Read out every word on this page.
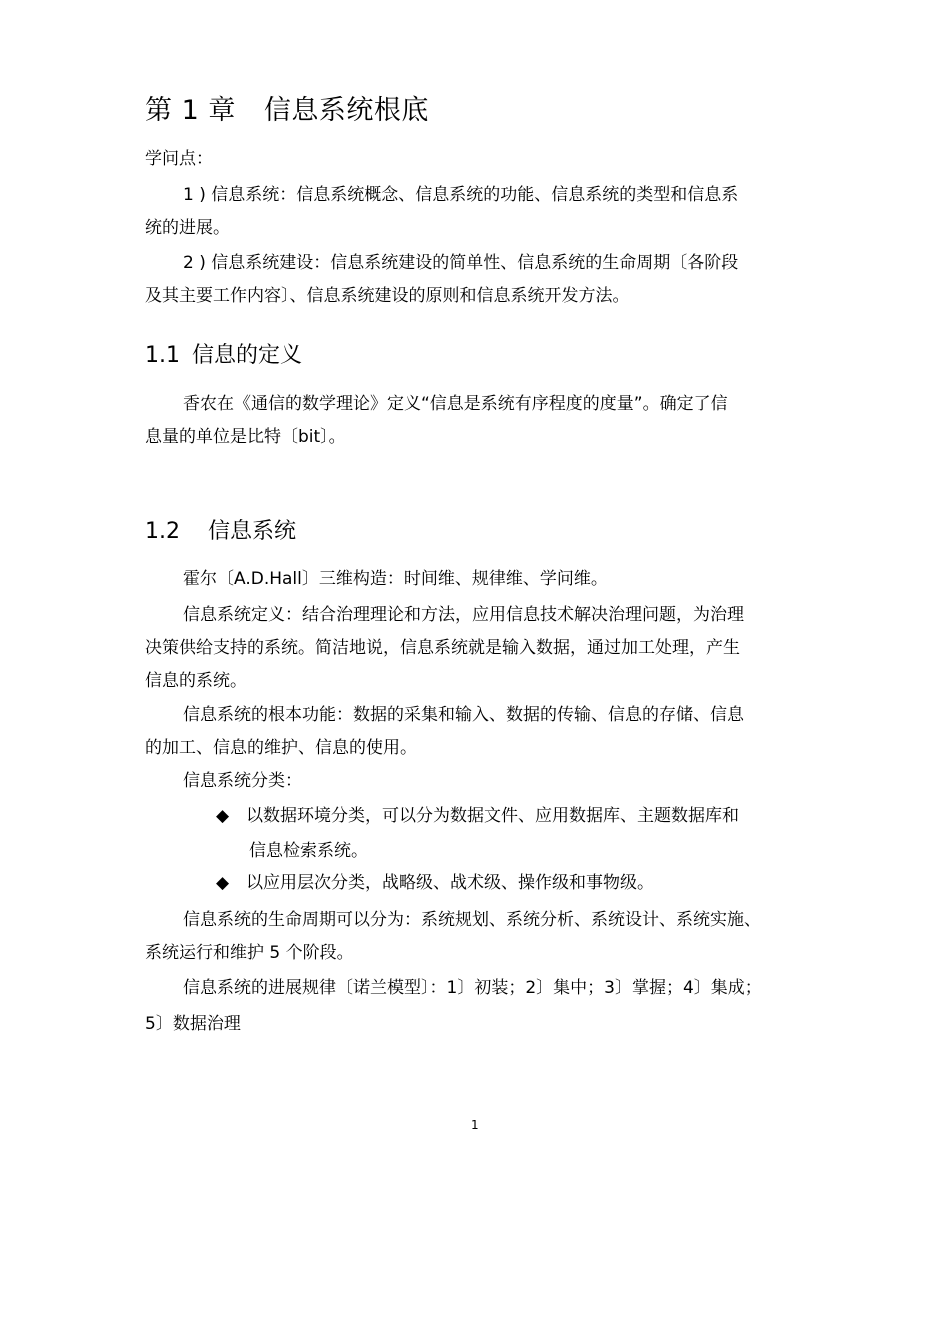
第 1 章 信息系统根底
学问点：
1 ) 信息系统：信息系统概念、信息系统的功能、信息系统的类型和信息系
统的进展。
2 ) 信息系统建设：信息系统建设的简单性、信息系统的生命周期〔各阶段
及其主要工作内容〕、信息系统建设的原则和信息系统开发方法。
1.1 信息的定义
香农在《通信的数学理论》定义“信息是系统有序程度的度量”。确定了信
息量的单位是比特〔bit〕。
1.2 信息系统
霍尔〔A.D.Hall〕三维构造：时间维、规律维、学问维。
信息系统定义：结合治理理论和方法，应用信息技术解决治理问题，为治理
决策供给支持的系统。简洁地说，信息系统就是输入数据，通过加工处理，产生
信息的系统。
信息系统的根本功能：数据的采集和输入、数据的传输、信息的存储、信息
的加工、信息的维护、信息的使用。
信息系统分类：
◆ 以数据环境分类，可以分为数据文件、应用数据库、主题数据库和
信息检索系统。
◆ 以应用层次分类，战略级、战术级、操作级和事物级。
信息系统的生命周期可以分为：系统规划、系统分析、系统设计、系统实施、
系统运行和维护 5 个阶段。
信息系统的进展规律〔诺兰模型〕：1〕初装；2〕集中；3〕掌握；4〕集成；
5〕数据治理
1
